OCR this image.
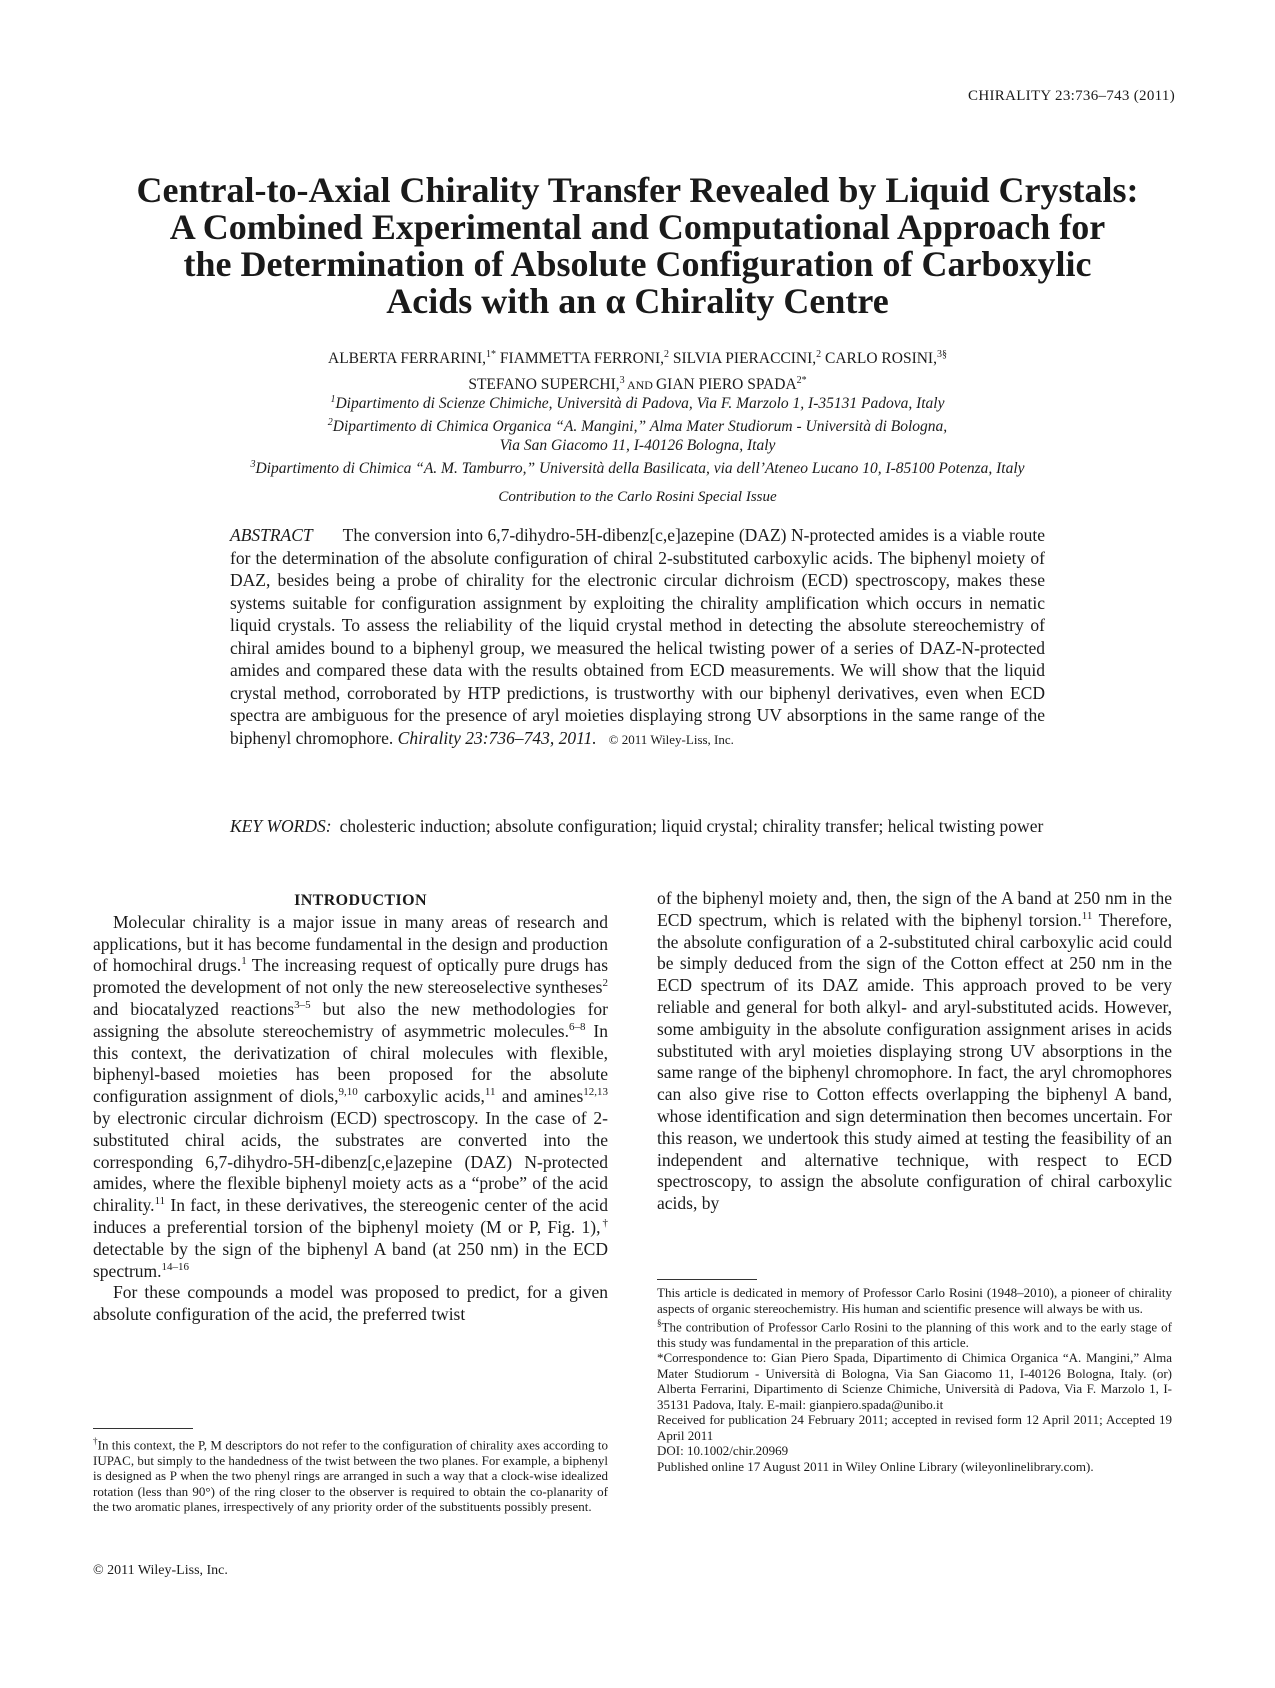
CHIRALITY 23:736–743 (2011)
Central-to-Axial Chirality Transfer Revealed by Liquid Crystals:
A Combined Experimental and Computational Approach for
the Determination of Absolute Configuration of Carboxylic
Acids with an α Chirality Centre
ALBERTA FERRARINI,$^{1*}$ FIAMMETTA FERRONI,$^2$ SILVIA PIERACCINI,$^2$ CARLO ROSINI,$^{3\S}$
STEFANO SUPERCHI,$^3$ AND GIAN PIERO $SPADA^{2*}$
$^1$Dipartimento di Scienze Chimiche, Università di Padova, Via F. Marzolo 1, I-35131 Padova, Italy
$^2$Dipartimento di Chimica Organica “A. Mangini,” Alma Mater Studiorum - Università di Bologna,
Via San Giacomo 11, I-40126 Bologna, Italy
$^3$Dipartimento di Chimica “A. M. Tamburro,” Università della Basilicata, via dell’Ateneo Lucano 10, I-85100 Potenza, Italy
Contribution to the Carlo Rosini Special Issue
ABSTRACT The conversion into 6,7-dihydro-5H-dibenz[c,e]azepine (DAZ) N-protected amides is a viable route for the determination of the absolute configuration of chiral 2-substituted carboxylic acids. The biphenyl moiety of DAZ, besides being a probe of chirality for the electronic circular dichroism (ECD) spectroscopy, makes these systems suitable for configuration assignment by exploiting the chirality amplification which occurs in nematic liquid crystals. To assess the reliability of the liquid crystal method in detecting the absolute stereochemistry of chiral amides bound to a biphenyl group, we measured the helical twisting power of a series of DAZ-N-protected amides and compared these data with the results obtained from ECD measurements. We will show that the liquid crystal method, corroborated by HTP predictions, is trustworthy with our biphenyl derivatives, even when ECD spectra are ambiguous for the presence of aryl moieties displaying strong UV absorptions in the same range of the biphenyl chromophore. Chirality 23:736–743, 2011. © 2011 Wiley-Liss, Inc.
KEY WORDS: cholesteric induction; absolute configuration; liquid crystal; chirality transfer; helical twisting power

INTRODUCTION

Molecular chirality is a major issue in many areas of research and applications, but it has become fundamental in the design and production of homochiral drugs.$^1$ The increasing request of optically pure drugs has promoted the development of not only the new stereoselective syntheses$^2$ and biocatalyzed reactions$^{3-5}$ but also the new methodologies for assigning the absolute stereochemistry of asymmetric molecules.$^{6-8}$ In this context, the derivatization of chiral molecules with flexible, biphenyl-based moieties has been proposed for the absolute configuration assignment of diols,$^{9,10}$ carboxylic acids,$^{11}$ and amines$^{12,13}$ by electronic circular dichroism (ECD) spectroscopy. In the case of 2-substituted chiral acids, the substrates are converted into the corresponding 6,7-dihydro-5H-dibenz[c,e]azepine (DAZ) N-protected amides, where the flexible biphenyl moiety acts as a “probe” of the acid chirality.$^{11}$ In fact, in these derivatives, the stereogenic center of the acid induces a preferential torsion of the biphenyl moiety (M or P, Fig. 1),† detectable by the sign of the biphenyl A band (at 250 nm) in the ECD spectrum.$^{14-16}$

For these compounds a model was proposed to predict, for a given absolute configuration of the acid, the preferred twist

of the biphenyl moiety and, then, the sign of the A band at 250 nm in the ECD spectrum, which is related with the biphenyl torsion.$^{11}$ Therefore, the absolute configuration of a 2-substituted chiral carboxylic acid could be simply deduced from the sign of the Cotton effect at 250 nm in the ECD spectrum of its DAZ amide. This approach proved to be very reliable and general for both alkyl- and aryl-substituted acids. However, some ambiguity in the absolute configuration assignment arises in acids substituted with aryl moieties displaying strong UV absorptions in the same range of the biphenyl chromophore. In fact, the aryl chromophores can also give rise to Cotton effects overlapping the biphenyl A band, whose identification and sign determination then becomes uncertain. For this reason, we undertook this study aimed at testing the feasibility of an independent and alternative technique, with respect to ECD spectroscopy, to assign the absolute configuration of chiral carboxylic acids, by

†In this context, the P, M descriptors do not refer to the configuration of chirality axes according to IUPAC, but simply to the handedness of the twist between the two planes. For example, a biphenyl is designed as P when the two phenyl rings are arranged in such a way that a clock-wise idealized rotation (less than 90°) of the ring closer to the observer is required to obtain the co-planarity of the two aromatic planes, irrespectively of any priority order of the substituents possibly present.

This article is dedicated in memory of Professor Carlo Rosini (1948–2010), a pioneer of chirality aspects of organic stereochemistry. His human and scientific presence will always be with us.

§The contribution of Professor Carlo Rosini to the planning of this work and to the early stage of this study was fundamental in the preparation of this article.

*Correspondence to: Gian Piero Spada, Dipartimento di Chimica Organica “A. Mangini,” Alma Mater Studiorum - Università di Bologna, Via San Giacomo 11, I-40126 Bologna, Italy. (or) Alberta Ferrarini, Dipartimento di Scienze Chimiche, Università di Padova, Via F. Marzolo 1, I-35131 Padova, Italy. E-mail: gianpiero.spada@unibo.it

Received for publication 24 February 2011; accepted in revised form 12 April 2011; Accepted 19 April 2011

DOI: 10.1002/chir.20969

Published online 17 August 2011 in Wiley Online Library (wileyonlinelibrary.com).

© 2011 Wiley-Liss, Inc.
